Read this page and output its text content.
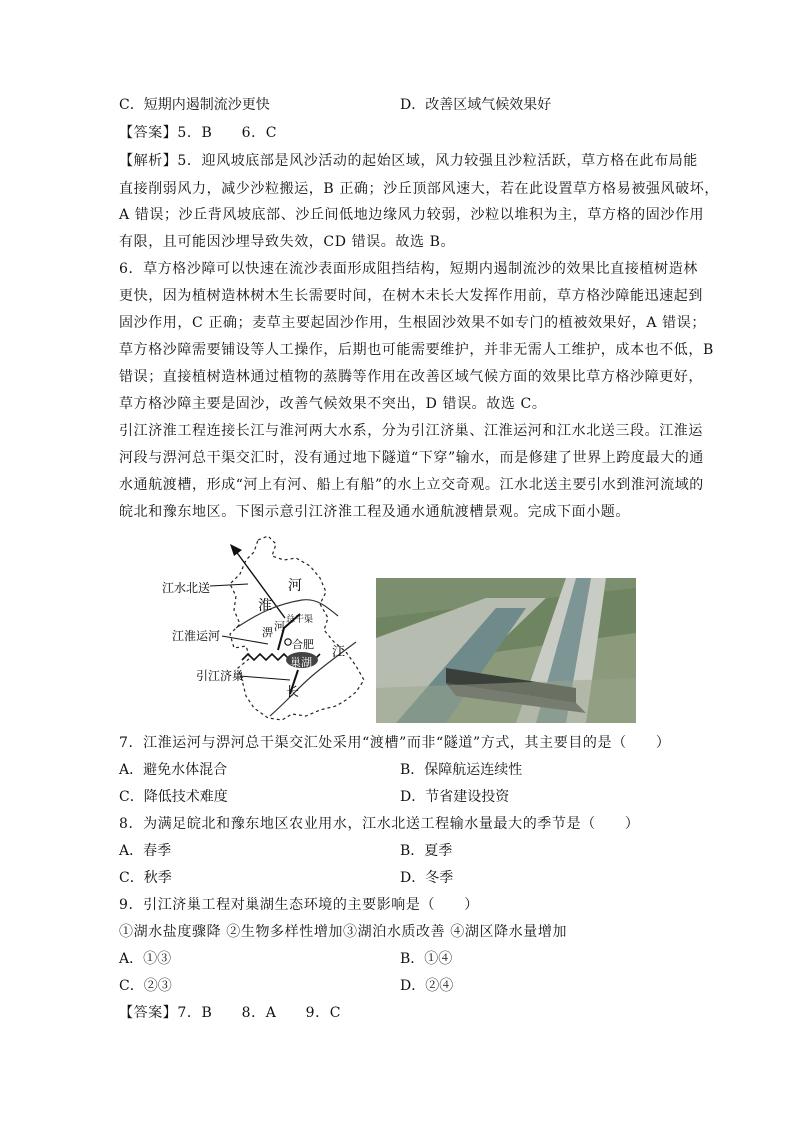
C．短期内遏制流沙更快	D．改善区域气候效果好
【答案】5．B　　6．C
【解析】5．迎风坡底部是风沙活动的起始区域，风力较强且沙粒活跃，草方格在此布局能
直接削弱风力，减少沙粒搬运，B 正确；沙丘顶部风速大，若在此设置草方格易被强风破坏，
A 错误；沙丘背风坡底部、沙丘间低地边缘风力较弱，沙粒以堆积为主，草方格的固沙作用
有限，且可能因沙埋导致失效，CD 错误。故选 B。
6．草方格沙障可以快速在流沙表面形成阻挡结构，短期内遏制流沙的效果比直接植树造林
更快，因为植树造林树木生长需要时间，在树木未长大发挥作用前，草方格沙障能迅速起到
固沙作用，C 正确；麦草主要起固沙作用，生根固沙效果不如专门的植被效果好，A 错误；
草方格沙障需要铺设等人工操作，后期也可能需要维护，并非无需人工维护，成本也不低，B
错误；直接植树造林通过植物的蒸腾等作用在改善区域气候方面的效果比草方格沙障更好，
草方格沙障主要是固沙，改善气候效果不突出，D 错误。故选 C。
引江济淮工程连接长江与淮河两大水系，分为引江济巢、江淮运河和江水北送三段。江淮运
河段与淠河总干渠交汇时，没有通过地下隧道“下穿”输水，而是修建了世界上跨度最大的通
水通航渡槽，形成“河上有河、船上有船”的水上立交奇观。江水北送主要引水到淮河流域的
皖北和豫东地区。下图示意引江济淮工程及通水通航渡槽景观。完成下面小题。
江水北送
江淮运河
引江济巢
淮
河
淠 河 总干渠
合肥
巢湖
江
长
7．江淮运河与淠河总干渠交汇处采用“渡槽”而非“隧道”方式，其主要目的是（　　）
A．避免水体混合	B．保障航运连续性
C．降低技术难度	D．节省建设投资
8．为满足皖北和豫东地区农业用水，江水北送工程输水量最大的季节是（　　）
A．春季	B．夏季
C．秋季	D．冬季
9．引江济巢工程对巢湖生态环境的主要影响是（　　）
①湖水盐度骤降 ②生物多样性增加③湖泊水质改善 ④湖区降水量增加
A．①③	B．①④
C．②③	D．②④
【答案】7．B　　8．A　　9．C
